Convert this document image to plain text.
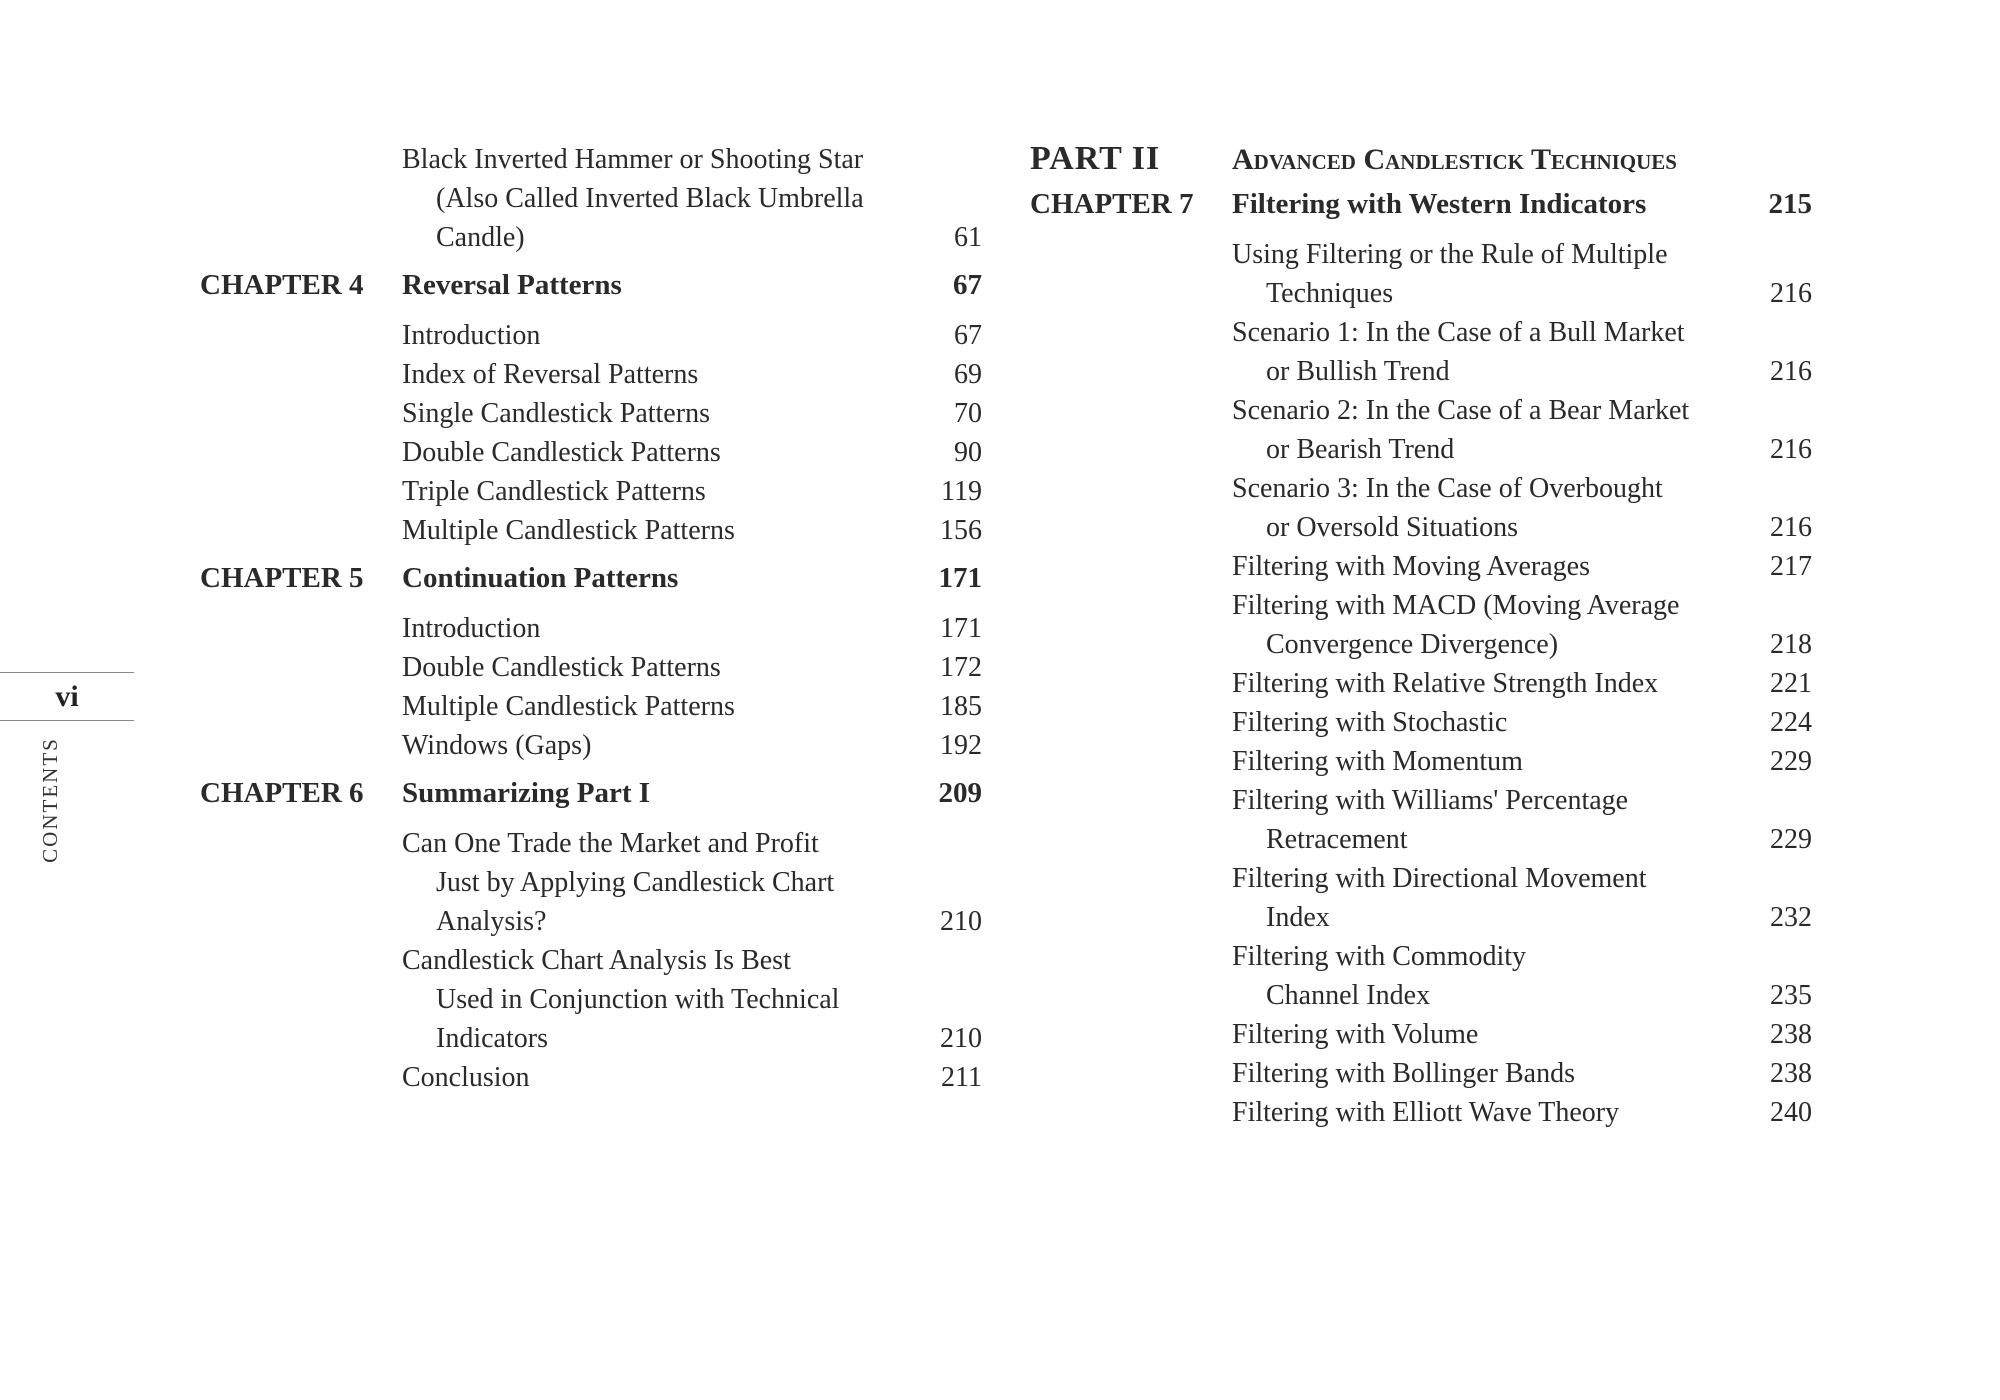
vi
CONTENTS
Black Inverted Hammer or Shooting Star
(Also Called Inverted Black Umbrella
Candle)	61
CHAPTER 4	Reversal Patterns	67
Introduction	67
Index of Reversal Patterns	69
Single Candlestick Patterns	70
Double Candlestick Patterns	90
Triple Candlestick Patterns	119
Multiple Candlestick Patterns	156
CHAPTER 5	Continuation Patterns	171
Introduction	171
Double Candlestick Patterns	172
Multiple Candlestick Patterns	185
Windows (Gaps)	192
CHAPTER 6	Summarizing Part I	209
Can One Trade the Market and Profit
Just by Applying Candlestick Chart
Analysis?	210
Candlestick Chart Analysis Is Best
Used in Conjunction with Technical
Indicators	210
Conclusion	211
PART II	Advanced Candlestick Techniques
CHAPTER 7	Filtering with Western Indicators	215
Using Filtering or the Rule of Multiple
Techniques	216
Scenario 1: In the Case of a Bull Market
or Bullish Trend	216
Scenario 2: In the Case of a Bear Market
or Bearish Trend	216
Scenario 3: In the Case of Overbought
or Oversold Situations	216
Filtering with Moving Averages	217
Filtering with MACD (Moving Average
Convergence Divergence)	218
Filtering with Relative Strength Index	221
Filtering with Stochastic	224
Filtering with Momentum	229
Filtering with Williams' Percentage
Retracement	229
Filtering with Directional Movement
Index	232
Filtering with Commodity
Channel Index	235
Filtering with Volume	238
Filtering with Bollinger Bands	238
Filtering with Elliott Wave Theory	240
